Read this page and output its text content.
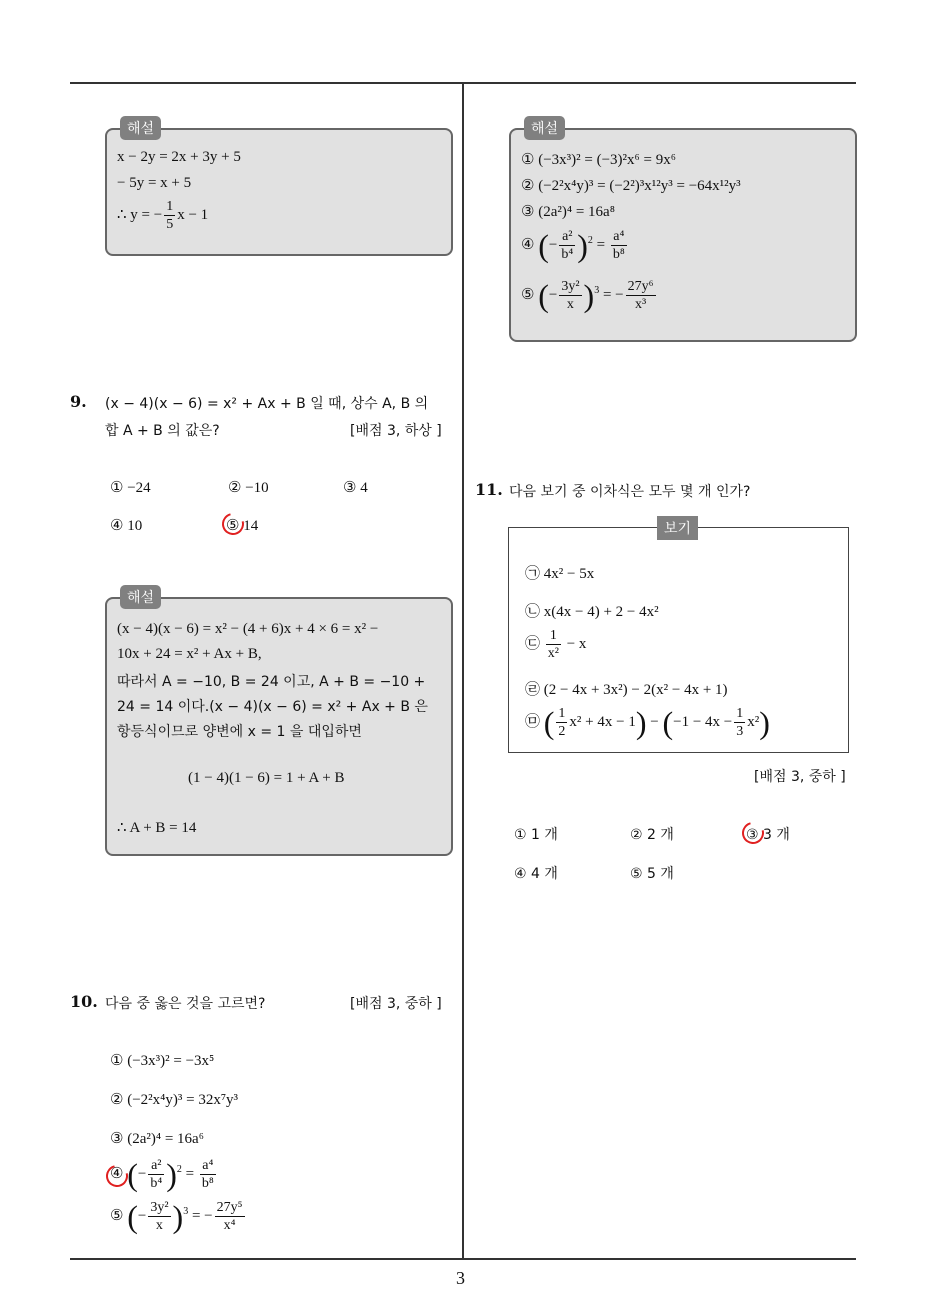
3
해설
x − 2y = 2x + 3y + 5
− 5y = x + 5
∴ y = − $\frac{1}{5}$ x − 1
9. (x − 4)(x − 6) = x² + Ax + B 일 때, 상수 A, B 의
합 A + B 의 값은?	[배점 3, 하상 ]
① −24	② −10	③ 4
④ 10	⑤ 14
해설
(x − 4)(x − 6) = x² − (4 + 6)x + 4 × 6 = x² −
10x + 24 = x² + Ax + B,
따라서 A = −10, B = 24 이고, A + B = −10 +
24 = 14 이다.(x − 4)(x − 6) = x² + Ax + B 은
항등식이므로 양변에 x = 1 을 대입하면
(1 − 4)(1 − 6) = 1 + A + B
∴ A + B = 14
10. 다음 중 옳은 것을 고르면?	[배점 3, 중하 ]
① (−3x³)² = −3x⁵
② (−2²x⁴y)³ = 32x⁷y³
③ (2a²)⁴ = 16a⁶
④ (− $\frac{\text{a²}}{\text{b⁴}} )^2 = \frac{\text{a⁴}}{\text{b⁸}}$
⑤ (− $\frac{\text{3y²}}{x} )^3$ = − $\frac{\text{27y⁵}}{\text{x⁴}}$
해설
① (−3x³)² = (−3)²x⁶ = 9x⁶
② (−2²x⁴y)³ = (−2²)³x¹²y³ = −64x¹²y³
③ (2a²)⁴ = 16a⁸
④ (− $\frac{\text{a²}}{\text{b⁴}} )^2 = \frac{\text{a⁴}}{\text{b⁸}}$
⑤ (− $\frac{\text{3y²}}{x} )^3$ = − $\frac{\text{27y⁶}}{\text{x³}}$
11. 다음 보기 중 이차식은 모두 몇 개 인가?
보기
㉠ 4x² − 5x
㉡ x(4x − 4) + 2 − 4x²
㉢ $\frac{1}{\text{x²}} - x$
㉣ (2 − 4x + 3x²) − 2(x² − 4x + 1)
㉤ ( $\frac{1}{2} x^2 + 4x - 1) - (-1 - 4x - \frac{1}{3} x^2)$
[배점 3, 중하 ]
① 1 개	② 2 개	③ 3 개
④ 4 개	⑤ 5 개
